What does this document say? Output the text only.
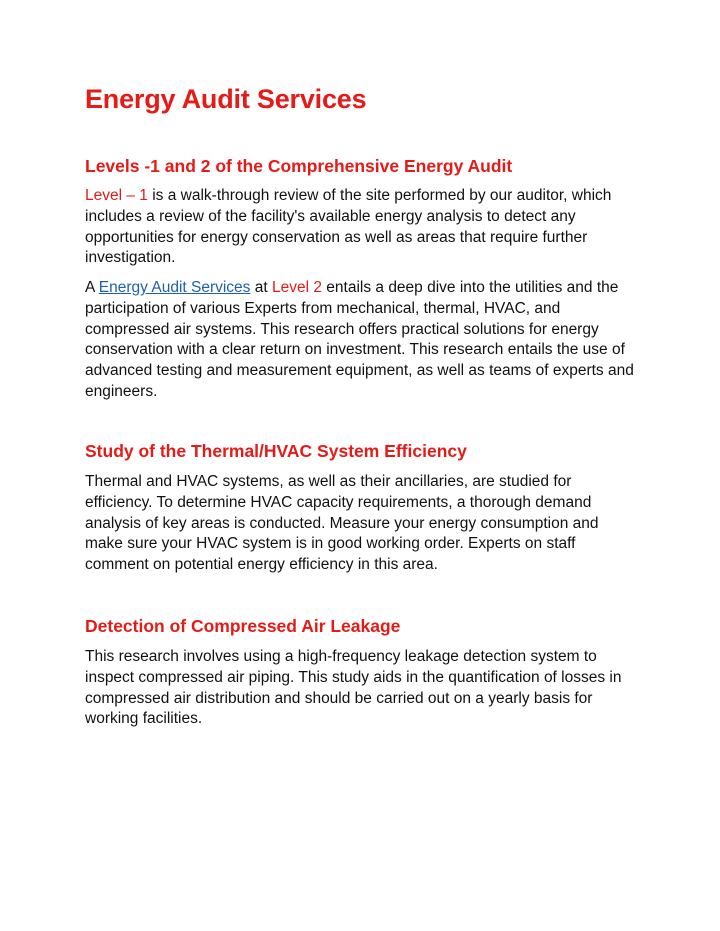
Energy Audit Services
Levels -1 and 2 of the Comprehensive Energy Audit

Level – 1 is a walk-through review of the site performed by our auditor, which includes a review of the facility's available energy analysis to detect any opportunities for energy conservation as well as areas that require further investigation.

A Energy Audit Services at Level 2 entails a deep dive into the utilities and the participation of various Experts from mechanical, thermal, HVAC, and compressed air systems. This research offers practical solutions for energy conservation with a clear return on investment. This research entails the use of advanced testing and measurement equipment, as well as teams of experts and engineers.

Study of the Thermal/HVAC System Efficiency

Thermal and HVAC systems, as well as their ancillaries, are studied for efficiency. To determine HVAC capacity requirements, a thorough demand analysis of key areas is conducted. Measure your energy consumption and make sure your HVAC system is in good working order. Experts on staff comment on potential energy efficiency in this area.

Detection of Compressed Air Leakage

This research involves using a high-frequency leakage detection system to inspect compressed air piping. This study aids in the quantification of losses in compressed air distribution and should be carried out on a yearly basis for working facilities.
